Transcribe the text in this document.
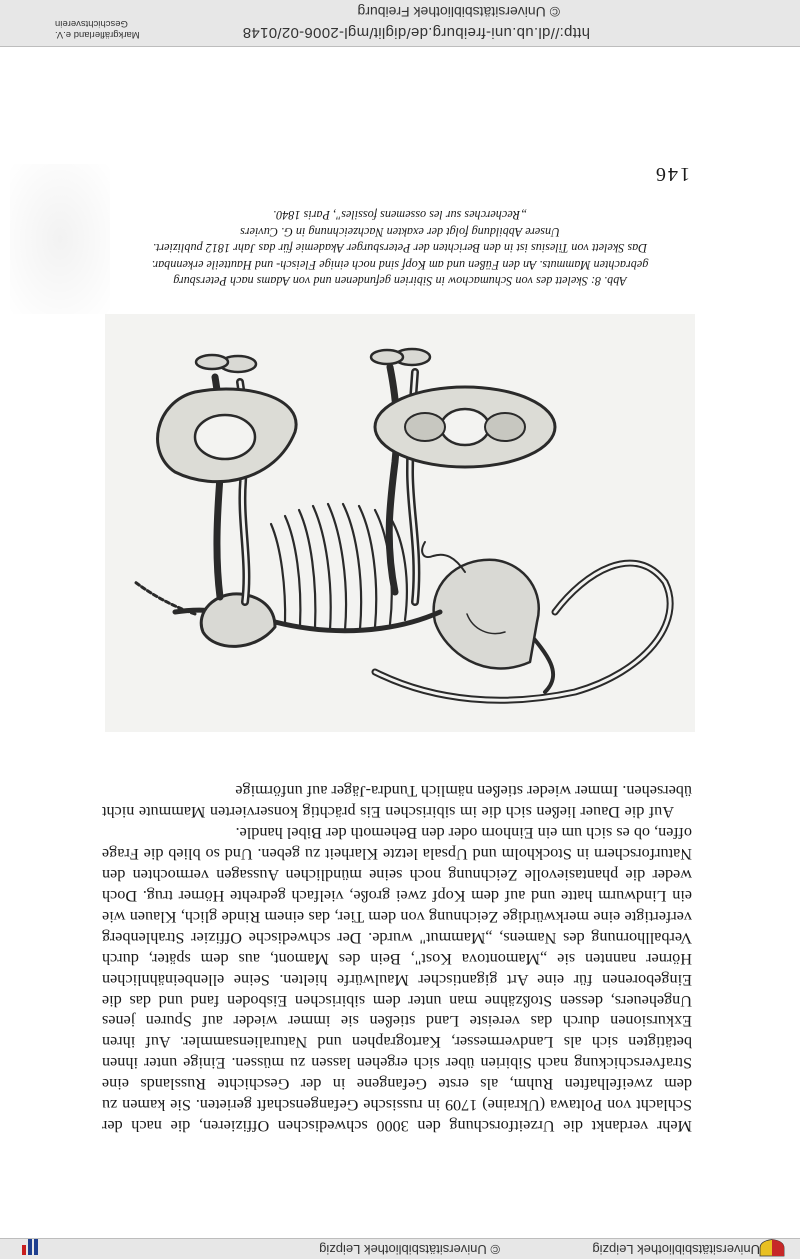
Universitätsbibliothek Leipzig
© Universitätsbibliothek Leipzig

Mehr verdankt die Urzeitforschung den 3000 schwedischen Offizieren, die nach der Schlacht von Poltawa (Ukraine) 1709 in russische Gefangenschaft gerieten. Sie kamen zu dem zweifelhaften Ruhm, als erste Gefangene in der Geschichte Russlands eine Strafverschickung nach Sibirien über sich ergehen lassen zu müssen. Einige unter ihnen betätigten sich als Landvermesser, Kartographen und Naturaliensammler. Auf ihren Exkursionen durch das vereiste Land stießen sie immer wieder auf Spuren jenes Ungeheuers, dessen Stoßzähne man unter dem sibirischen Eisboden fand und das die Eingeborenen für eine Art gigantischer Maulwürfe hielten. Seine ellenbeinähnlichen Hörner nannten sie „Mamontova Kost", Bein des Mamont, aus dem später, durch Verballhornung des Namens, „Mammut" wurde. Der schwedische Offizier Strahlenberg verfertigte eine merkwürdige Zeichnung von dem Tier, das einem Rinde glich, Klauen wie ein Lindwurm hatte und auf dem Kopf zwei große, vielfach gedrehte Hörner trug. Doch weder die phantasievolle Zeichnung noch seine mündlichen Aussagen vermochten den Naturforschern in Stockholm und Upsala letzte Klarheit zu geben. Und so blieb die Frage offen, ob es sich um ein Einhorn oder den Behemoth der Bibel handle.

Auf die Dauer ließen sich die im sibirischen Eis prächtig konservierten Mammute nicht übersehen. Immer wieder stießen nämlich Tundra-Jäger auf unförmige

Abb. 8: Skelett des von Schumachow in Sibirien gefundenen und von Adams nach Petersburg
gebrachten Mammuts. An den Füßen und am Kopf sind noch einige Fleisch- und Hautteile erkennbar.
Das Skelett von Tilesius ist in den Berichten der Petersburger Akademie für das Jahr 1812 publiziert.
Unsere Abbildung folgt der exakten Nachzeichnung in G. Cuviers
„Recherches sur les ossemens fossiles", Paris 1840.
146
http://dl.ub.uni-freiburg.de/diglit/mgl-2006-02/0148
© Universitätsbibliothek Freiburg
Markgräflerland e.V.
Geschichtsverein
